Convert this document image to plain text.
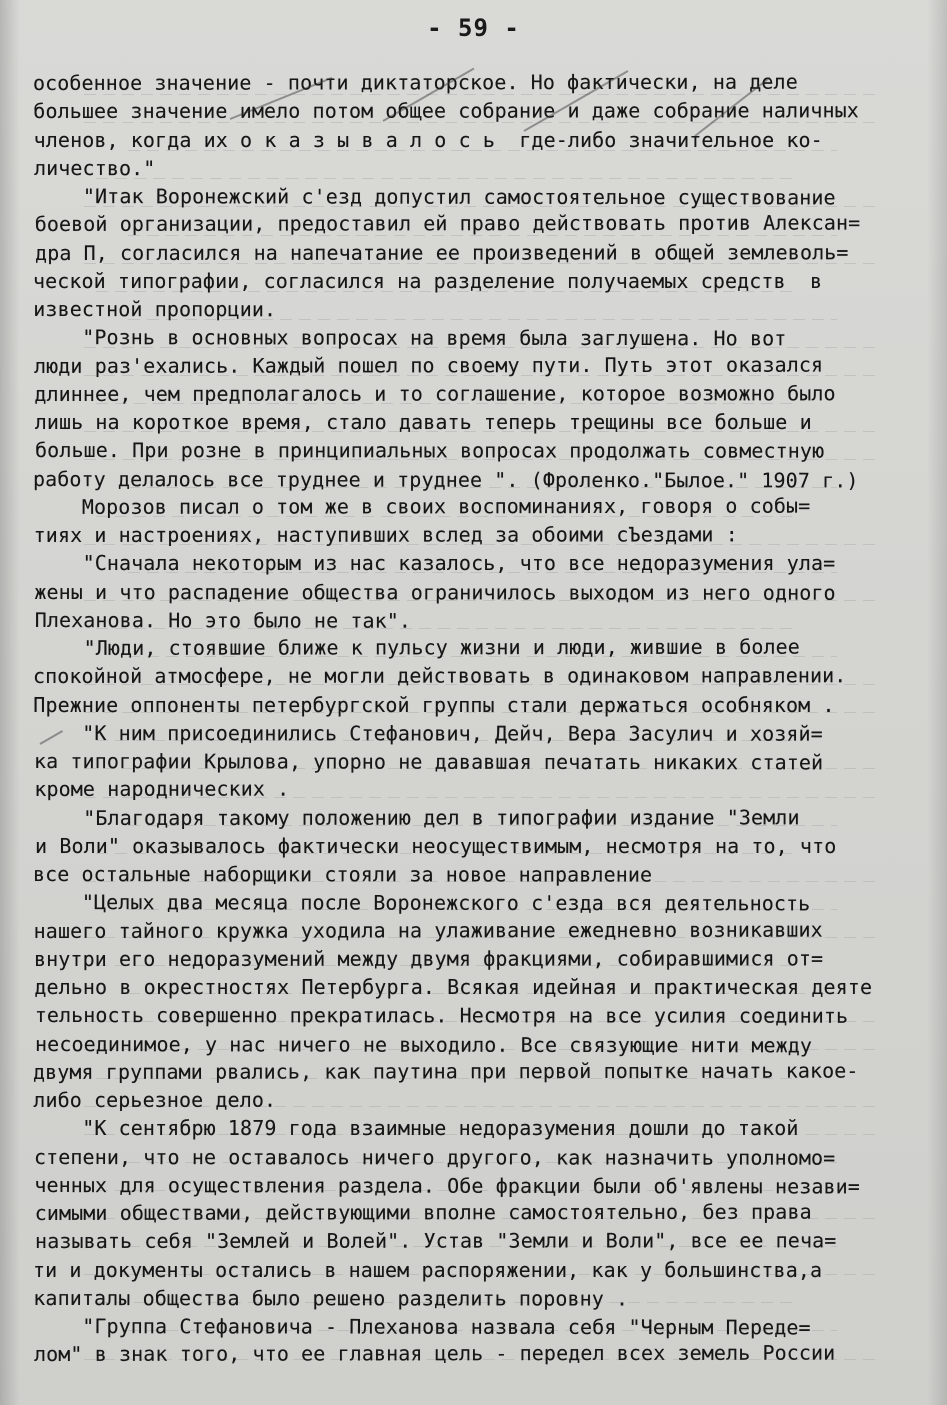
- 59 -
особенное значение - почти диктаторское. Но фактически, на деле
большее значение имело потом общее собрание и даже собрание наличных
членов, когда их о к а з ы в а л о с ь  где-либо значительное ко-
личество."
"Итак Воронежский с'езд допустил самостоятельное существование
боевой организации, предоставил ей право действовать против Алексан=
дра П, согласился на напечатание ее произведений в общей землеволь=
ческой типографии, согласился на разделение получаемых средств  в
известной пропорции.
"Рознь в основных вопросах на время была заглушена. Но вот
люди раз'ехались. Каждый пошел по своему пути. Путь этот оказался
длиннее, чем предполагалось и то соглашение, которое возможно было
лишь на короткое время, стало давать теперь трещины все больше и
больше. При рознe в принципиальных вопросах продолжать совместную
работу делалось все труднее и труднее ". (Фроленко."Былое." 1907 г.)
Морозов писал о том же в своих воспоминаниях, говоря о собы=
тиях и настроениях, наступивших вслед за обоими сЪездами :
"Сначала некоторым из нас казалось, что все недоразумения ула=
жены и что распадение общества ограничилось выходом из него одного
Плеханова. Но это было не так".
"Люди, стоявшие ближе к пульсу жизни и люди, жившие в более
спокойной атмосфере, не могли действовать в одинаковом направлении.
Прежние оппоненты петербургской группы стали держаться особняком .
"К ним присоединились Стефанович, Дейч, Вера Засулич и хозяй=
ка типографии Крылова, упорно не дававшая печатать никаких статей
кроме народнических .
"Благодаря такому положению дел в типографии издание "Земли
и Воли" оказывалось фактически неосуществимым, несмотря на то, что
все остальные наборщики стояли за новое направление
"Целых два месяца после Воронежского с'езда вся деятельность
нашего тайного кружка уходила на улаживание ежедневно возникавших
внутри его недоразумений между двумя фракциями, собиравшимися от=
дельно в окрестностях Петербурга. Всякая идейная и практическая деяте
тельность совершенно прекратилась. Несмотря на все усилия соединить
несоединимое, у нас ничего не выходило. Все связующие нити между
двумя группами рвались, как паутина при первой попытке начать какое-
либо серьезное дело.
"К сентябрю 1879 года взаимные недоразумения дошли до такой
степени, что не оставалось ничего другого, как назначить уполномо=
ченных для осуществления раздела. Обе фракции были об'явлены незави=
симыми обществами, действующими вполне самостоятельно, без права
называть себя "Землей и Волей". Устав "Земли и Воли", все ее печа=
ти и документы остались в нашем распоряжении, как у большинства,а
капиталы общества было решено разделить поровну .
"Группа Стефановича - Плеханова назвала себя "Черным Переде=
лом" в знак того, что ее главная цель - передел всех земель России
